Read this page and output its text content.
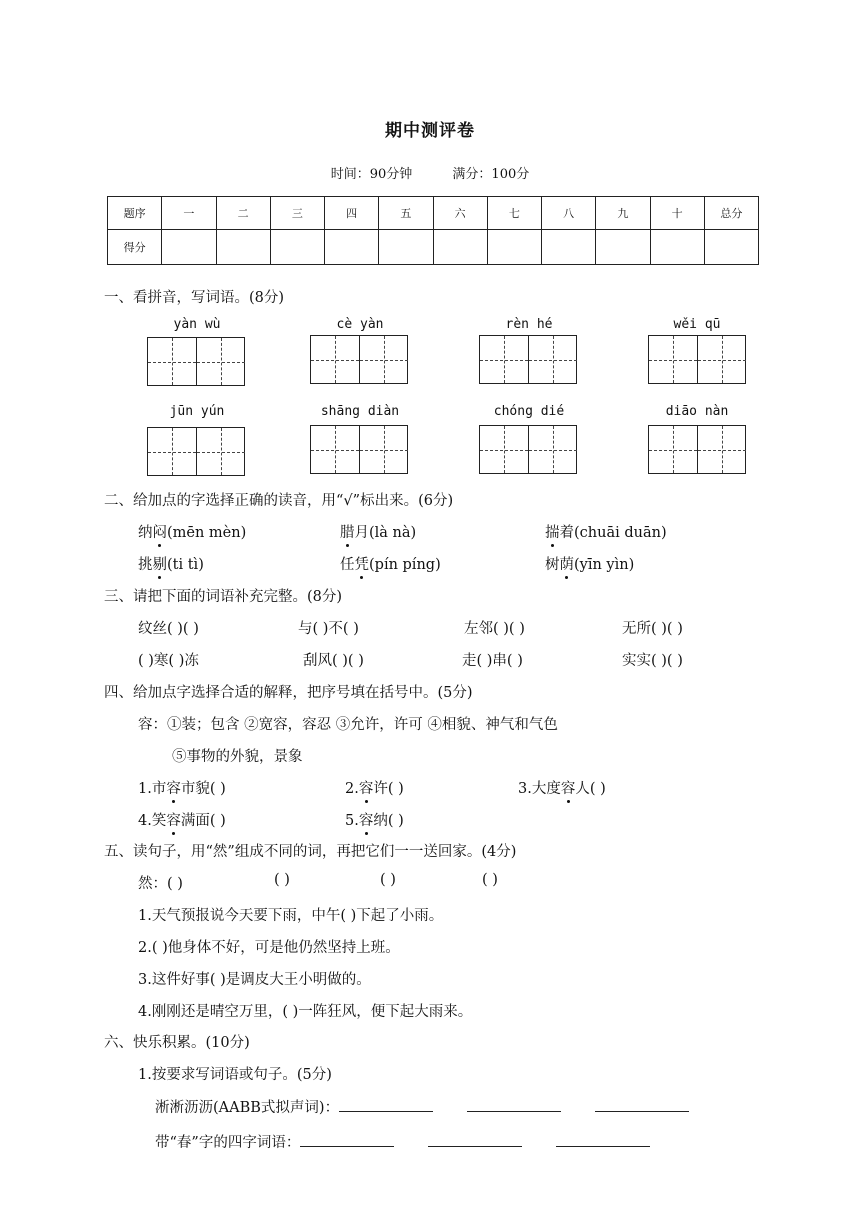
期中测评卷
时间：90分钟	满分：100分
题序	一	二	三	四	五	六	七	八	九	十	总分
得分											
一、看拼音，写词语。(8分)
yàn wù	cè yàn	rèn hé	wěi qū
jūn yún	shāng diàn	chóng dié	diāo nàn
二、给加点的字选择正确的读音，用“√”标出来。(6分)
纳闷(mēn mèn)	腊月(là nà)	揣着(chuāi duān)
挑剔(ti tì)	任凭(pín píng)	树荫(yīn yìn)
三、请把下面的词语补充完整。(8分)
纹丝( )( )	与( )不( )	左邻( )( )	无所( )( )
( )寒( )冻	刮风( )( )	走( )串( )	实实( )( )
四、给加点字选择合适的解释，把序号填在括号中。(5分)
容：①装；包含 ②宽容，容忍 ③允许，许可 ④相貌、神气和气色
⑤事物的外貌，景象
1.市容市貌( )	2.容许( )	3.大度容人( )
4.笑容满面( )	5.容纳( )
五、读句子，用“然”组成不同的词，再把它们一一送回家。(4分)
然：( )	( )	( )	( )
1.天气预报说今天要下雨，中午( )下起了小雨。
2.( )他身体不好，可是他仍然坚持上班。
3.这件好事( )是调皮大王小明做的。
4.刚刚还是晴空万里，( )一阵狂风，便下起大雨来。
六、快乐积累。(10分)
1.按要求写词语或句子。(5分)
淅淅沥沥(AABB式拟声词)：
带“春”字的四字词语：
